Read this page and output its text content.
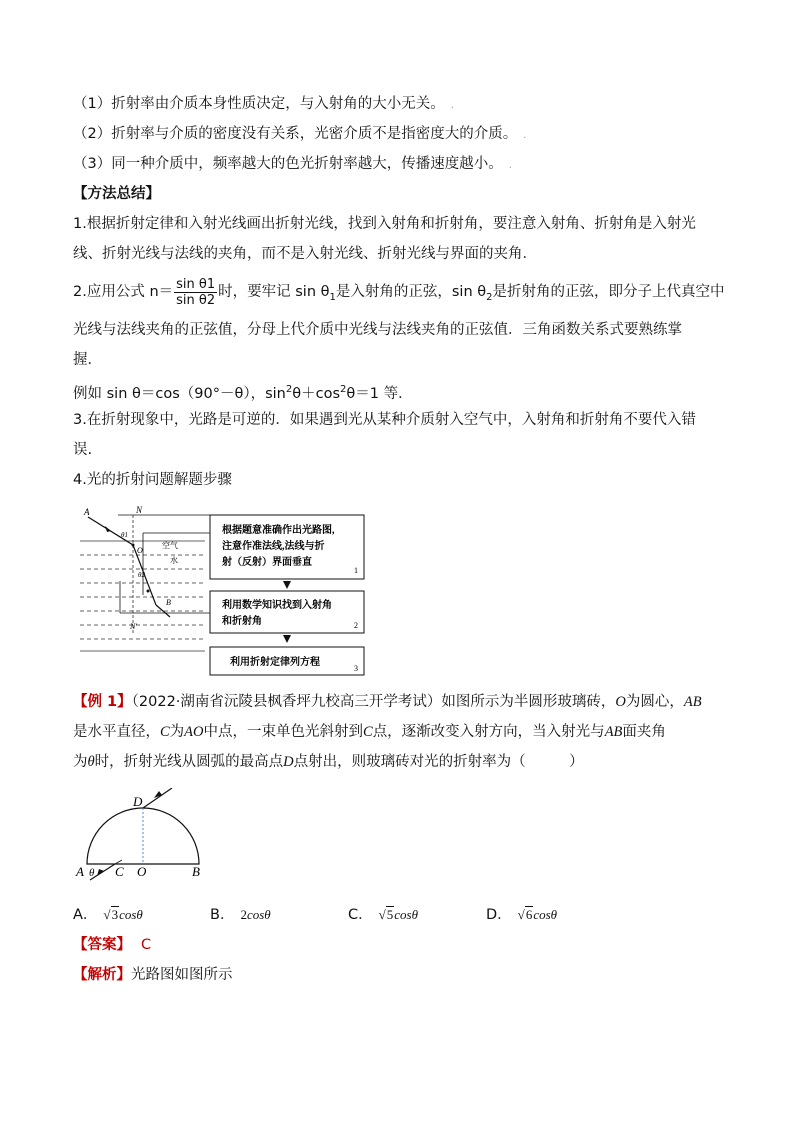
（1）折射率由介质本身性质决定，与入射角的大小无关。 .
（2）折射率与介质的密度没有关系，光密介质不是指密度大的介质。 .
（3）同一种介质中，频率越大的色光折射率越大，传播速度越小。 .
【方法总结】
1.根据折射定律和入射光线画出折射光线，找到入射角和折射角，要注意入射角、折射角是入射光
线、折射光线与法线的夹角，而不是入射光线、折射光线与界面的夹角．
2.应用公式 $n= \frac{\text{sin θ1}}{\text{sin θ2}}$ 时，要牢记 $\sin \theta_1$是入射角的正弦，$\sin \theta_2$是折射角的正弦，即分子上代真空中
光线与法线夹角的正弦值，分母上代介质中光线与法线夹角的正弦值．三角函数关系式要熟练掌
握．
例如 sin θ＝cos（90°－θ），$\sin^2\theta+\cos^2\theta=1$ 等．
3.在折射现象中，光路是可逆的．如果遇到光从某种介质射入空气中，入射角和折射角不要代入错
误.
4.光的折射问题解题步骤
A	N
O
θ1
θ2
空气
水
N'
B
根据题意准确作出光路图,
注意作准法线,法线与折
射（反射）界面垂直
1
利用数学知识找到入射角
和折射角	2
利用折射定律列方程
3
【例 1】（2022·湖南省沅陵县枫香坪九校高三开学考试）如图所示为半圆形玻璃砖，O为圆心，AB
是水平直径，C为AO中点，一束单色光斜射到C点，逐渐改变入射方向，当入射光与AB面夹角
为θ时，折射光线从圆弧的最高点D点射出，则玻璃砖对光的折射率为（　　　）
D
A θ C O	B
A． √3cosθ	B． 2cosθ	C． √5cosθ	D． √6cosθ
【答案】 C
【解析】光路图如图所示
